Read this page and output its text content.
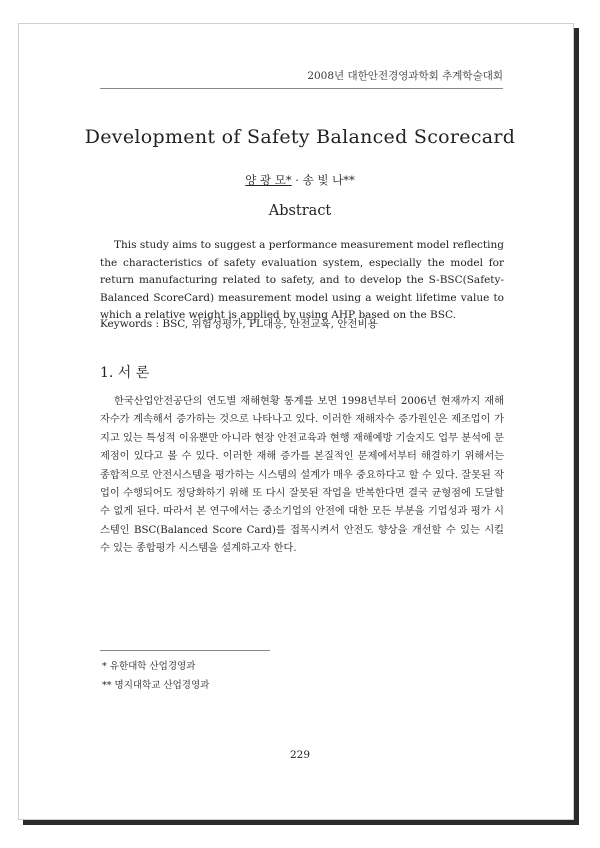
2008년 대한안전경영과학회 추계학술대회
Development of Safety Balanced Scorecard
양 광 모* · 송 빛 나**
Abstract

This study aims to suggest a performance measurement model reflecting the characteristics of safety evaluation system, especially the model for return manufacturing related to safety, and to develop the S-BSC(Safety-Balanced ScoreCard) measurement model using a weight lifetime value to which a relative weight is applied by using AHP based on the BSC.

Keywords : BSC, 위험성평가, PL대응, 안전교육, 안전비용
1. 서 론

한국산업안전공단의 연도별 재해현황 통계를 보면 1998년부터 2006년 현재까지 재해자수가 계속해서 증가하는 것으로 나타나고 있다. 이러한 재해자수 증가원인은 제조업이 가지고 있는 특성적 이유뿐만 아니라 현장 안전교육과 현행 재해예방 기술지도 업무 분석에 문제점이 있다고 볼 수 있다. 이러한 재해 증가를 본질적인 문제에서부터 해결하기 위해서는 종합적으로 안전시스템을 평가하는 시스템의 설계가 매우 중요하다고 할 수 있다. 잘못된 작업이 수행되어도 정당화하기 위해 또 다시 잘못된 작업을 반복한다면 결국 균형점에 도달할 수 없게 된다. 따라서 본 연구에서는 중소기업의 안전에 대한 모든 부분을 기업성과 평가 시스템인 BSC(Balanced Score Card)를 접목시켜서 안전도 향상을 개선할 수 있는 시킬 수 있는 종합평가 시스템을 설계하고자 한다.

* 유한대학 산업경영과
** 명지대학교 산업경영과
229
